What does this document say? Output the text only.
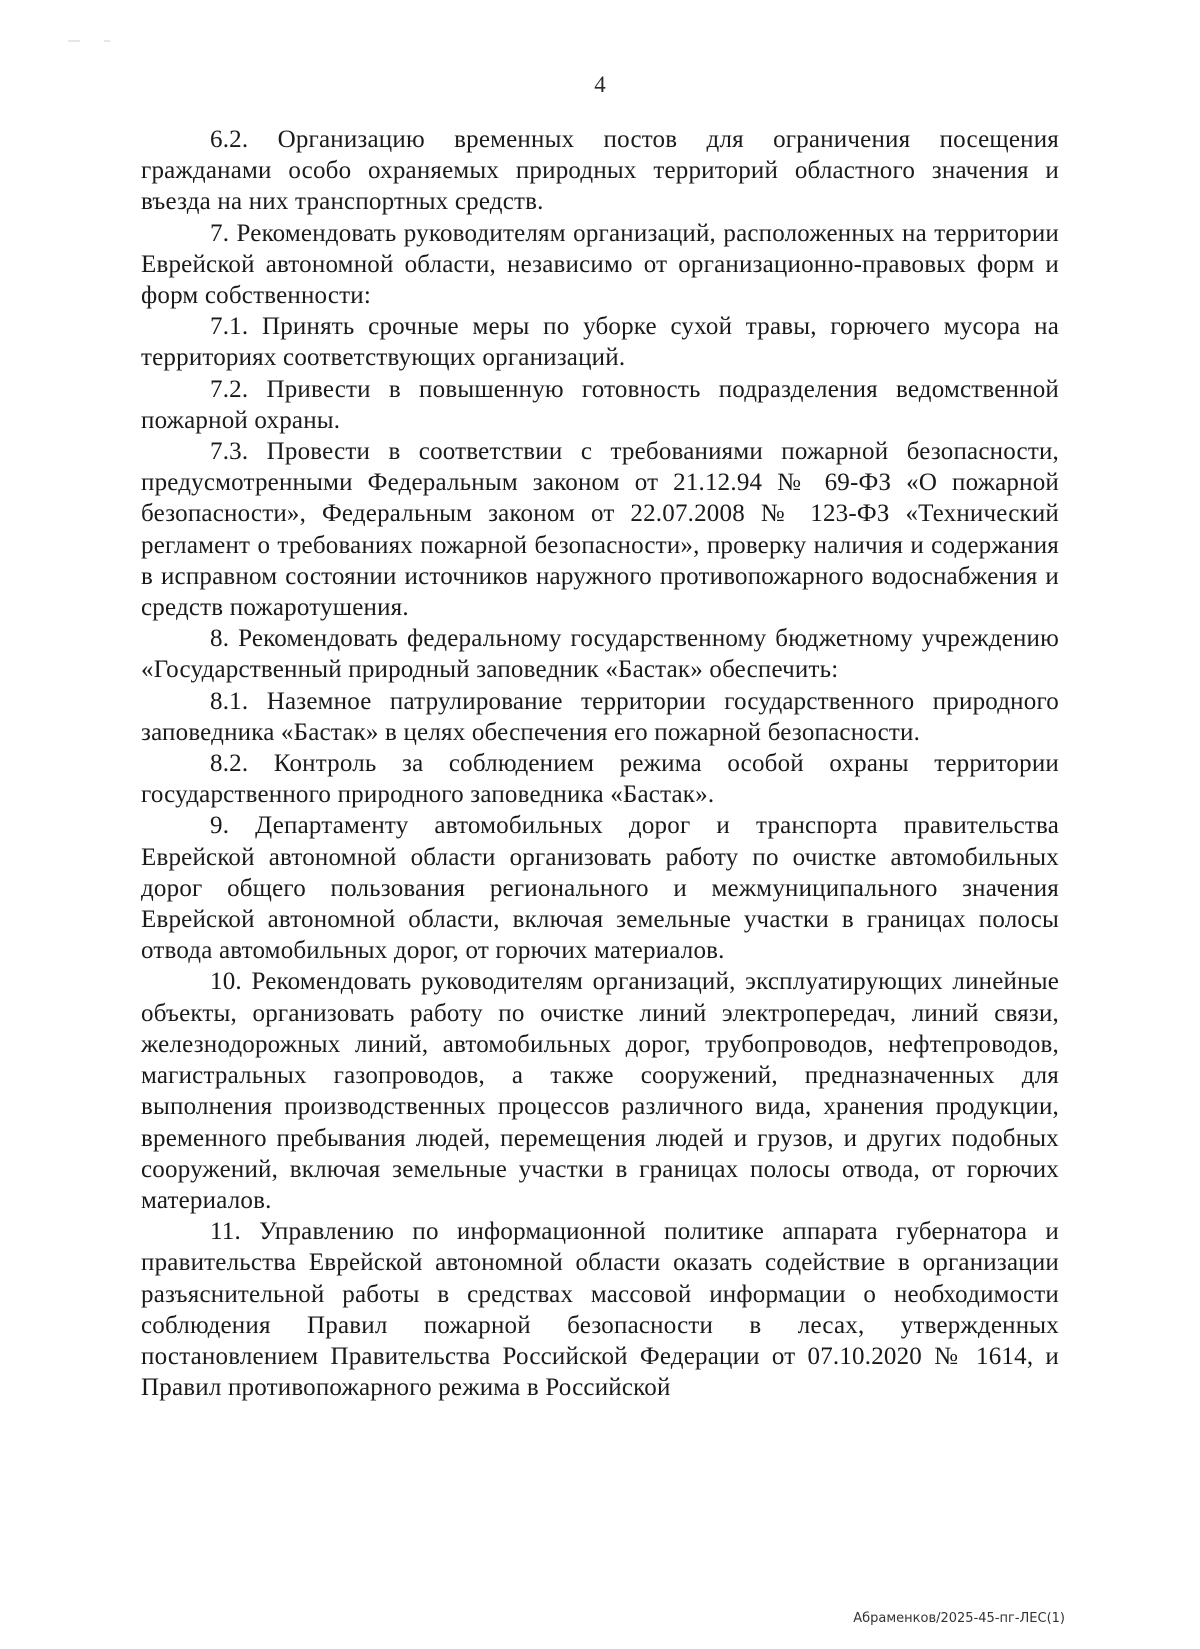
4

6.2. Организацию временных постов для ограничения посещения гражданами особо охраняемых природных территорий областного значения и въезда на них транспортных средств.

7. Рекомендовать руководителям организаций, расположенных на территории Еврейской автономной области, независимо от организационно-правовых форм и форм собственности:

7.1. Принять срочные меры по уборке сухой травы, горючего мусора на территориях соответствующих организаций.

7.2. Привести в повышенную готовность подразделения ведомственной пожарной охраны.

7.3. Провести в соответствии с требованиями пожарной безопасности, предусмотренными Федеральным законом от 21.12.94 № 69-ФЗ «О пожарной безопасности», Федеральным законом от 22.07.2008 № 123-ФЗ «Технический регламент о требованиях пожарной безопасности», проверку наличия и содержания в исправном состоянии источников наружного противопожарного водоснабжения и средств пожаротушения.

8. Рекомендовать федеральному государственному бюджетному учреждению «Государственный природный заповедник «Бастак» обеспечить:

8.1. Наземное патрулирование территории государственного природного заповедника «Бастак» в целях обеспечения его пожарной безопасности.

8.2. Контроль за соблюдением режима особой охраны территории государственного природного заповедника «Бастак».

9. Департаменту автомобильных дорог и транспорта правительства Еврейской автономной области организовать работу по очистке автомобильных дорог общего пользования регионального и межмуниципального значения Еврейской автономной области, включая земельные участки в границах полосы отвода автомобильных дорог, от горючих материалов.

10. Рекомендовать руководителям организаций, эксплуатирующих линейные объекты, организовать работу по очистке линий электропередач, линий связи, железнодорожных линий, автомобильных дорог, трубопроводов, нефтепроводов, магистральных газопроводов, а также сооружений, предназначенных для выполнения производственных процессов различного вида, хранения продукции, временного пребывания людей, перемещения людей и грузов, и других подобных сооружений, включая земельные участки в границах полосы отвода, от горючих материалов.

11. Управлению по информационной политике аппарата губернатора и правительства Еврейской автономной области оказать содействие в организации разъяснительной работы в средствах массовой информации о необходимости соблюдения Правил пожарной безопасности в лесах, утвержденных постановлением Правительства Российской Федерации от 07.10.2020 № 1614, и Правил противопожарного режима в Российской

Абраменков/2025-45-пг-ЛЕС(1)
